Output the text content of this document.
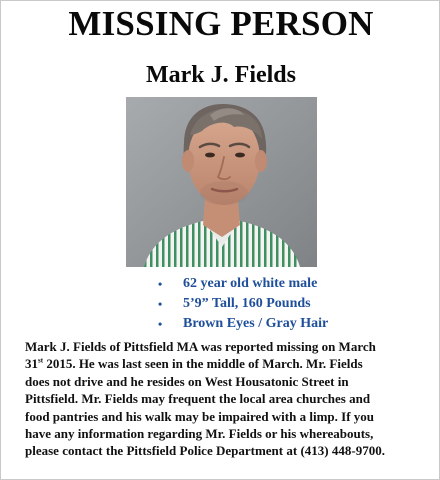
MISSING PERSON
Mark J. Fields
• 62 year old white male
• 5’9” Tall, 160 Pounds
• Brown Eyes / Gray Hair

Mark J. Fields of Pittsfield MA was reported missing on March
31st 2015. He was last seen in the middle of March. Mr. Fields
does not drive and he resides on West Housatonic Street in
Pittsfield. Mr. Fields may frequent the local area churches and
food pantries and his walk may be impaired with a limp. If you
have any information regarding Mr. Fields or his whereabouts,
please contact the Pittsfield Police Department at (413) 448-9700.
